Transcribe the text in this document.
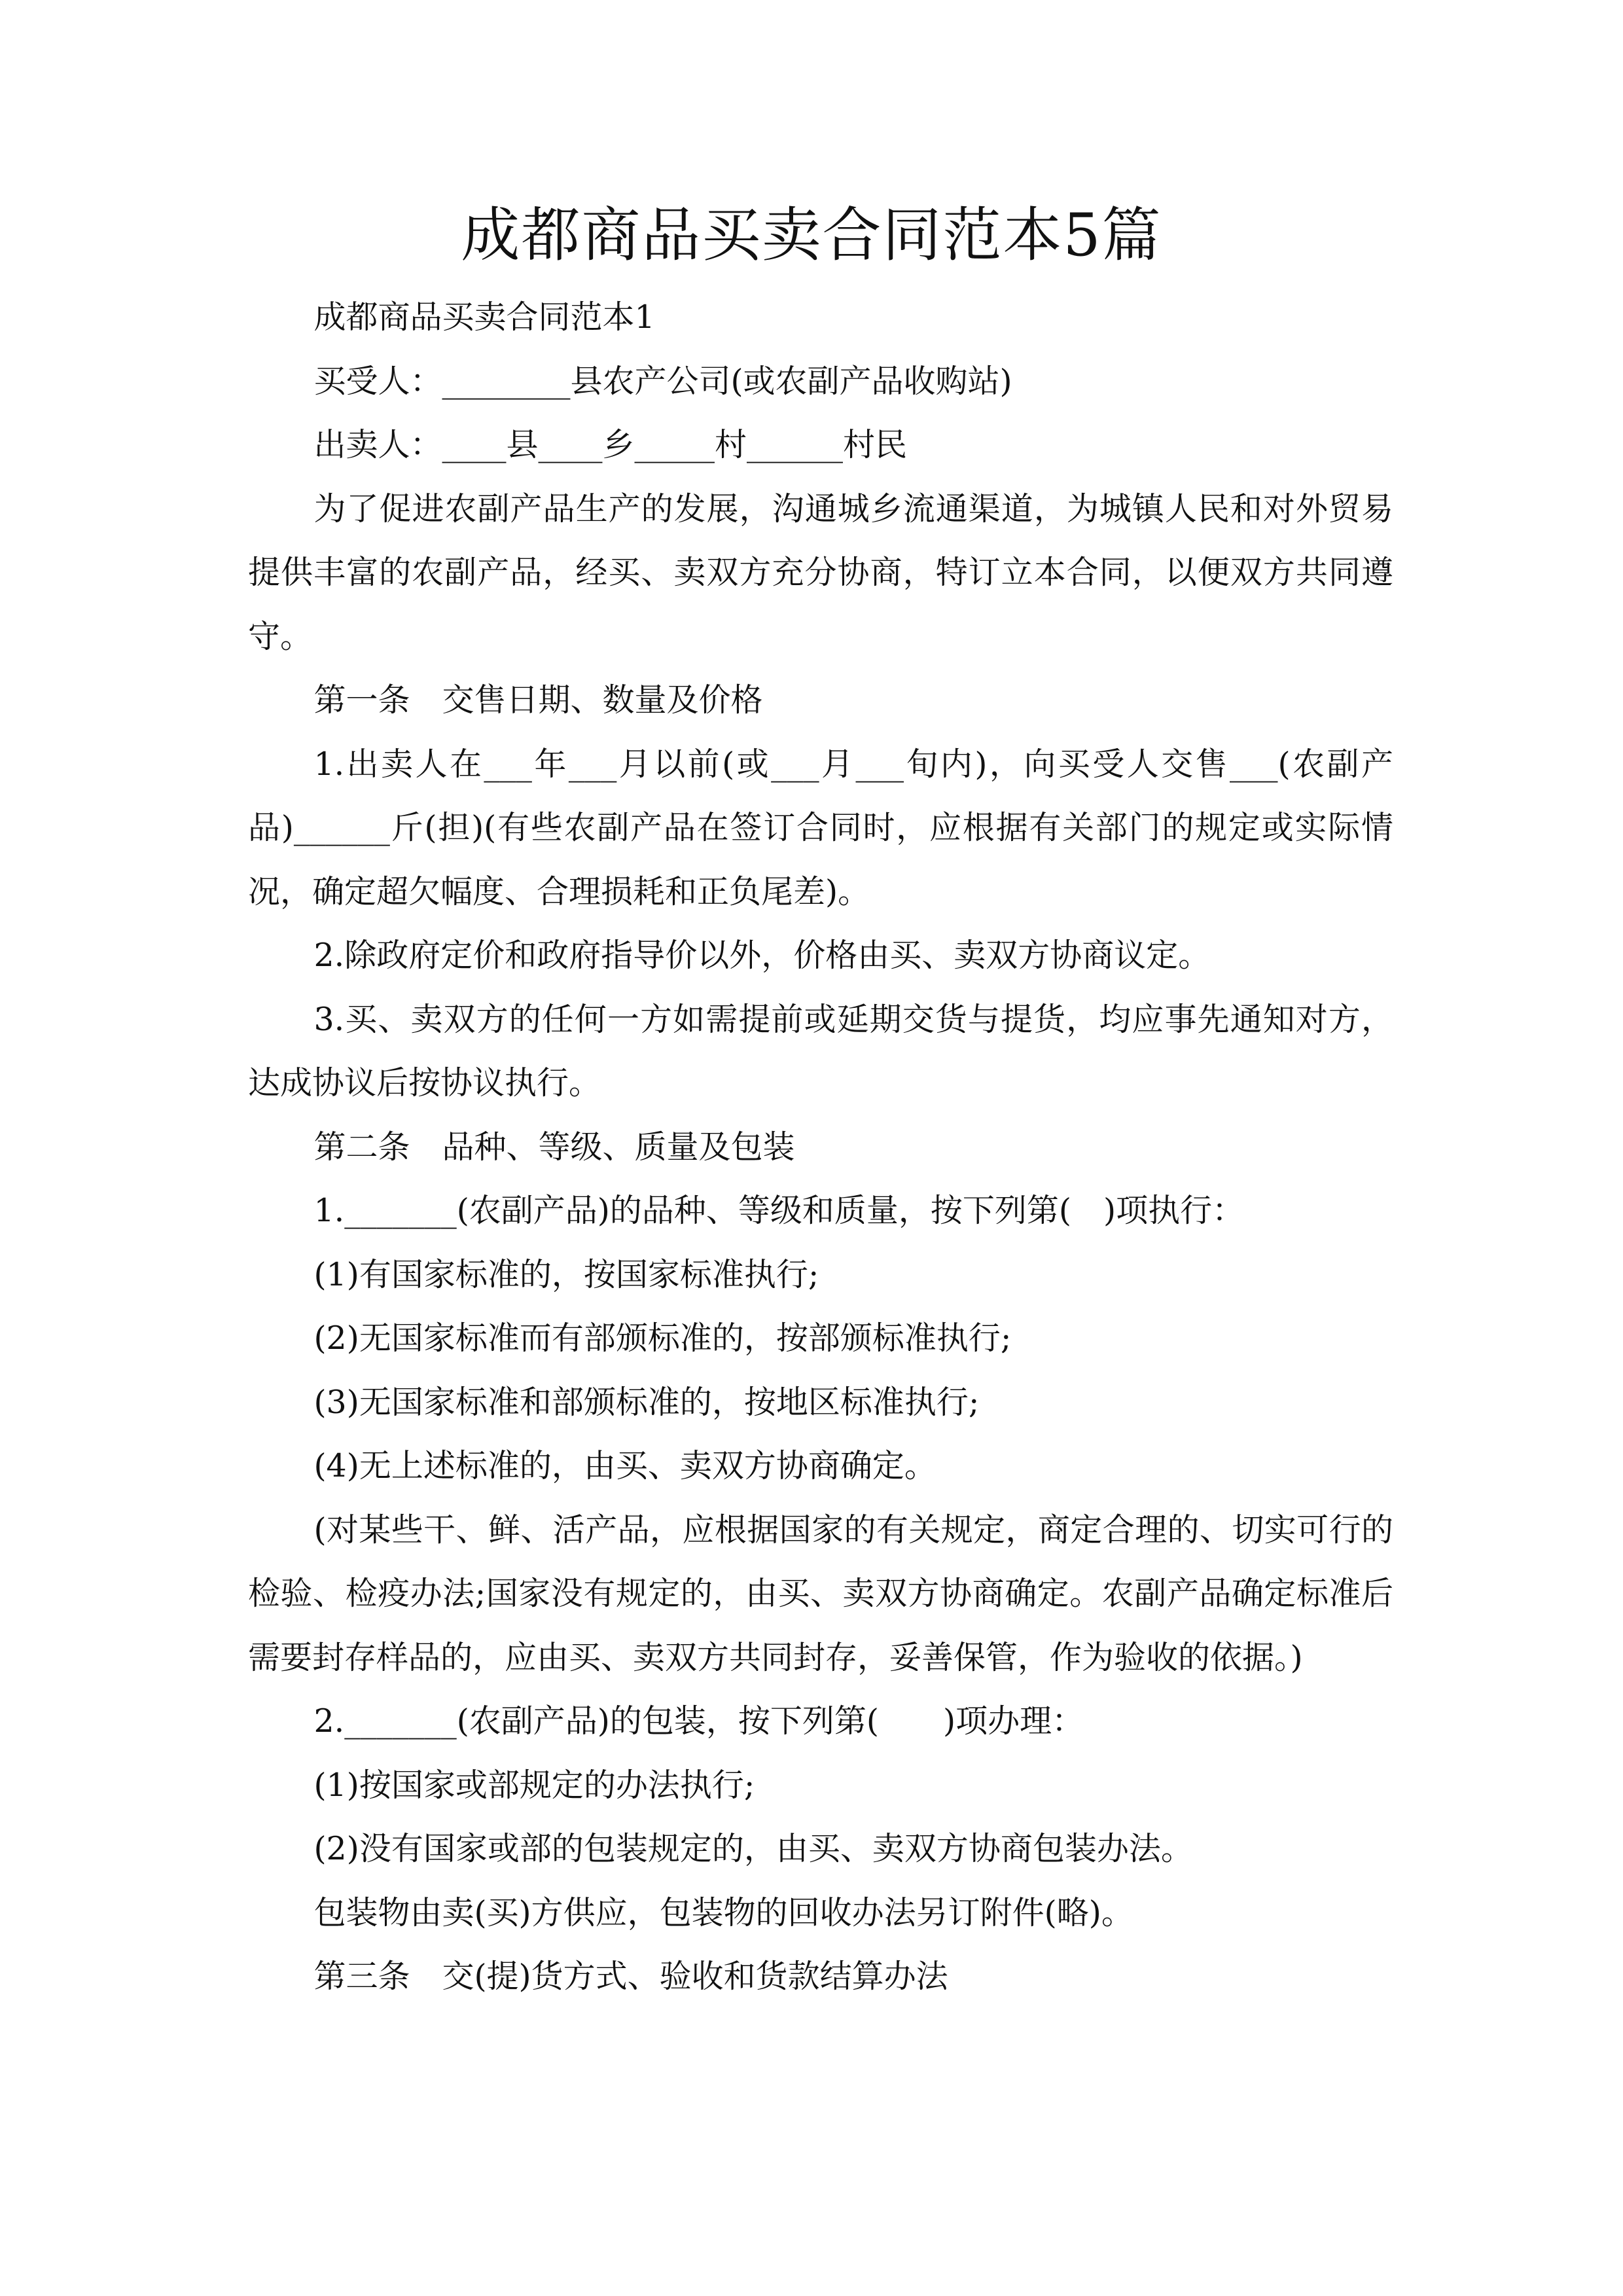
成都商品买卖合同范本5篇

成都商品买卖合同范本1

买受人：________县农产公司(或农副产品收购站)

出卖人：____县____乡_____村______村民

为了促进农副产品生产的发展，沟通城乡流通渠道，为城镇人民和对外贸易提供丰富的农副产品，经买、卖双方充分协商，特订立本合同，以便双方共同遵守。

第一条　交售日期、数量及价格

1.出卖人在___年___月以前(或___月___旬内)，向买受人交售___(农副产品)______斤(担)(有些农副产品在签订合同时，应根据有关部门的规定或实际情况，确定超欠幅度、合理损耗和正负尾差)。

2.除政府定价和政府指导价以外，价格由买、卖双方协商议定。

3.买、卖双方的任何一方如需提前或延期交货与提货，均应事先通知对方，达成协议后按协议执行。

第二条　品种、等级、质量及包装

1._______(农副产品)的品种、等级和质量，按下列第(　)项执行：

(1)有国家标准的，按国家标准执行;

(2)无国家标准而有部颁标准的，按部颁标准执行;

(3)无国家标准和部颁标准的，按地区标准执行;

(4)无上述标准的，由买、卖双方协商确定。

(对某些干、鲜、活产品，应根据国家的有关规定，商定合理的、切实可行的检验、检疫办法;国家没有规定的，由买、卖双方协商确定。农副产品确定标准后需要封存样品的，应由买、卖双方共同封存，妥善保管，作为验收的依据。)

2._______(农副产品)的包装，按下列第(　　)项办理：

(1)按国家或部规定的办法执行;

(2)没有国家或部的包装规定的，由买、卖双方协商包装办法。

包装物由卖(买)方供应，包装物的回收办法另订附件(略)。

第三条　交(提)货方式、验收和货款结算办法
